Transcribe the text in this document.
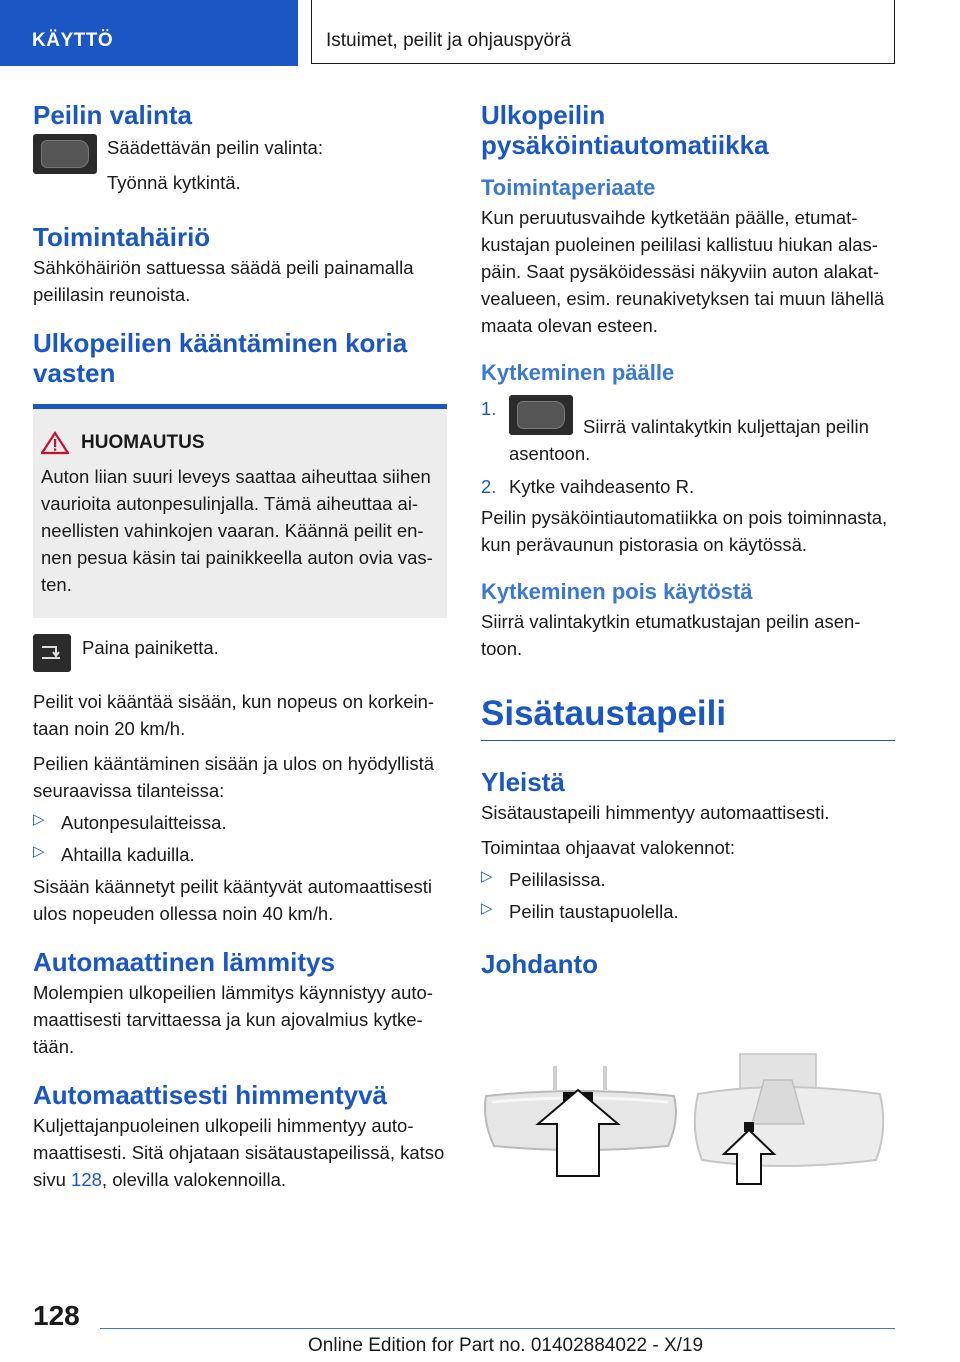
KÄYTTÖ	Istuimet, peilit ja ohjauspyörä
Peilin valinta

Säädettävän peilin valinta:

Työnnä kytkintä.

Toimintahäiriö

Sähköhäiriön sattuessa säädä peili painamalla peililasin reunoista.

Ulkopeilien kääntäminen koria vasten
HUOMAUTUS

Auton liian suuri leveys saattaa aiheuttaa siihen vaurioita autonpesulinjalla. Tämä aiheuttaa ai-neellisten vahinkojen vaaran. Käännä peilit en-nen pesua käsin tai painikkeella auton ovia vas-ten.

Paina painiketta.

Peilit voi kääntää sisään, kun nopeus on korkein-taan noin 20 km/h.

Peilien kääntäminen sisään ja ulos on hyödyllistä seuraavissa tilanteissa:

▷ Autonpesulaitteissa.

▷ Ahtailla kaduilla.

Sisään käännetyt peilit kääntyvät automaattisesti ulos nopeuden ollessa noin 40 km/h.

Automaattinen lämmitys

Molempien ulkopeilien lämmitys käynnistyy auto-maattisesti tarvittaessa ja kun ajovalmius kytke-tään.

Automaattisesti himmentyvä

Kuljettajanpuoleinen ulkopeili himmentyy auto-maattisesti. Sitä ohjataan sisätaustapeilissä, katso sivu 128, olevilla valokennoilla.

Ulkopeilin pysäköintiautomatiikka
Toimintaperiaate

Kun peruutusvaihde kytketään päälle, etumat-kustajan puoleinen peililasi kallistuu hiukan alas-päin. Saat pysäköidessäsi näkyviin auton alakat-vealueen, esim. reunakivetyksen tai muun lähellä maata olevan esteen.

Kytkeminen päälle
1.

Siirrä valintakytkin kuljettajan peilin asentoon.

2. Kytke vaihdeasento R.

Peilin pysäköintiautomatiikka on pois toiminnasta, kun perävaunun pistorasia on käytössä.

Kytkeminen pois käytöstä

Siirrä valintakytkin etumatkustajan peilin asen-toon.

Sisätaustapeili
Yleistä

Sisätaustapeili himmentyy automaattisesti.

Toimintaa ohjaavat valokennot:

▷ Peililasissa.

▷ Peilin taustapuolella.

Johdanto
128
Online Edition for Part no. 01402884022 - X/19
